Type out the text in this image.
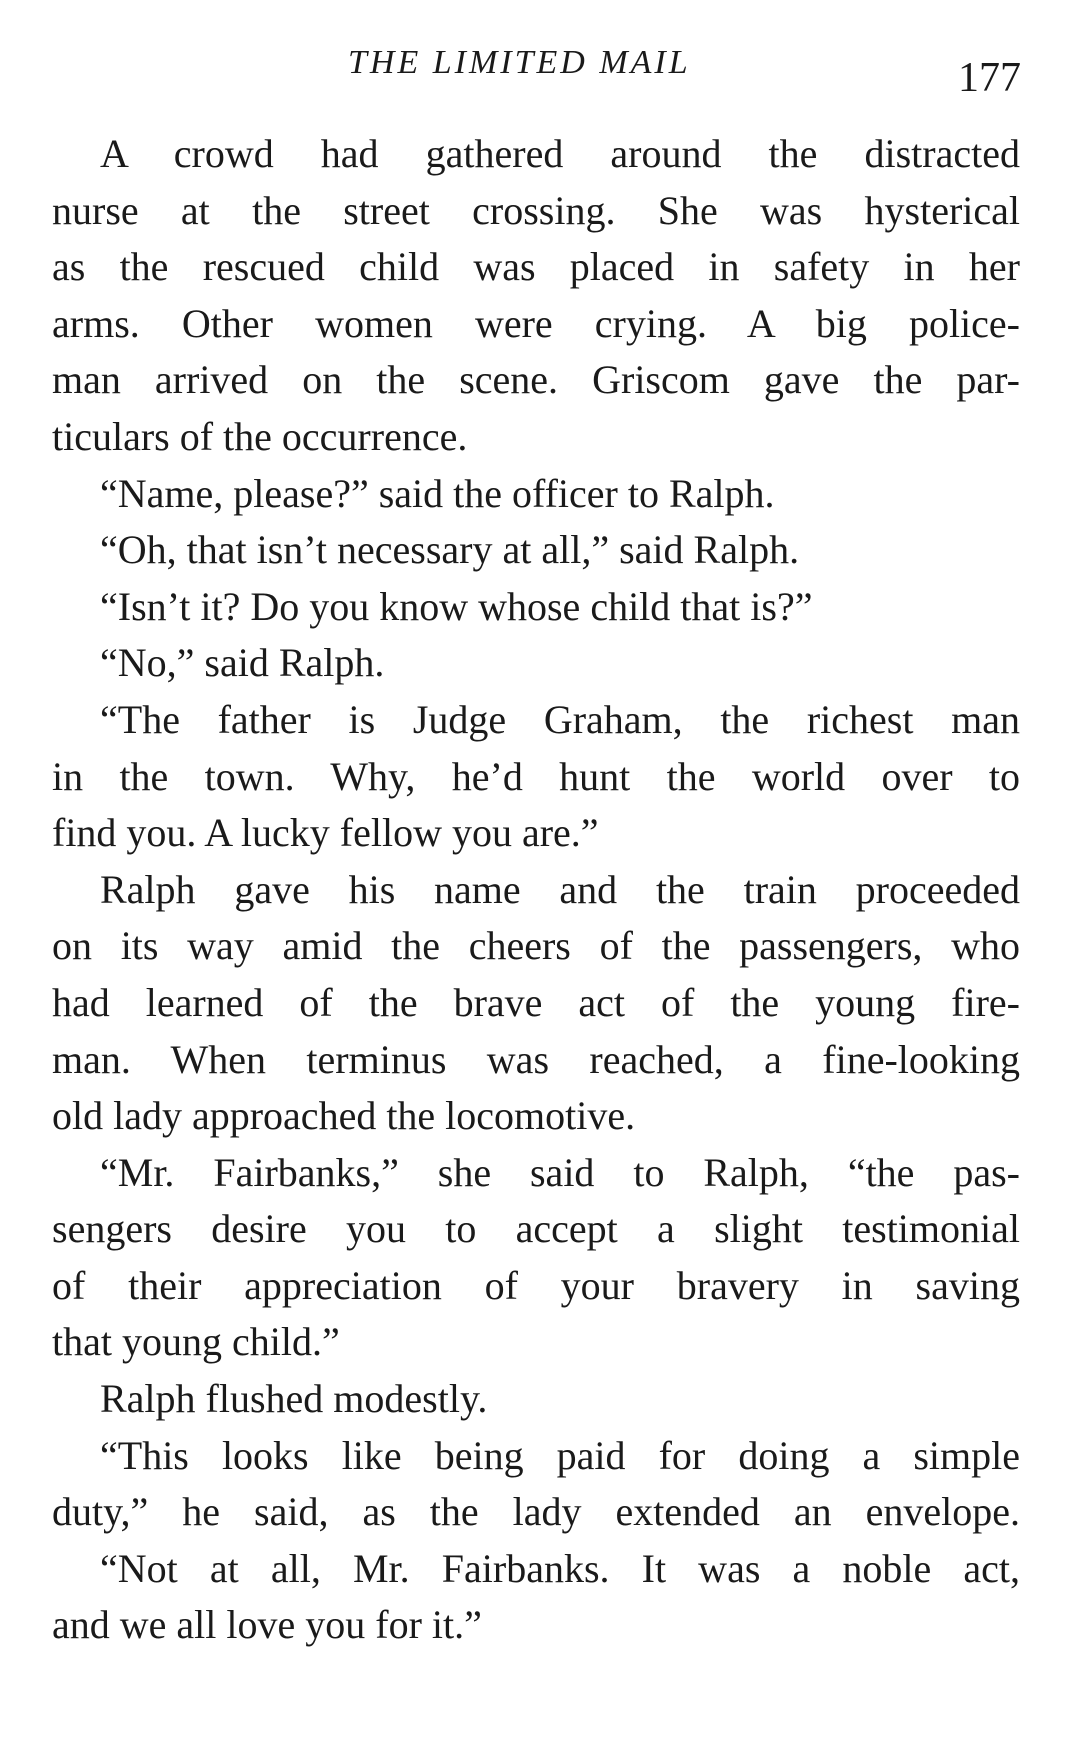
THE LIMITED MAIL	177
A crowd had gathered around the distracted
nurse at the street crossing. She was hysterical
as the rescued child was placed in safety in her
arms. Other women were crying. A big police-
man arrived on the scene. Griscom gave the par-
ticulars of the occurrence.
“Name, please?” said the officer to Ralph.
“Oh, that isn’t necessary at all,” said Ralph.
“Isn’t it? Do you know whose child that is?”
“No,” said Ralph.
“The father is Judge Graham, the richest man
in the town. Why, he’d hunt the world over to
find you. A lucky fellow you are.”
Ralph gave his name and the train proceeded
on its way amid the cheers of the passengers, who
had learned of the brave act of the young fire-
man. When terminus was reached, a fine-looking
old lady approached the locomotive.
“Mr. Fairbanks,” she said to Ralph, “the pas-
sengers desire you to accept a slight testimonial
of their appreciation of your bravery in saving
that young child.”
Ralph flushed modestly.
“This looks like being paid for doing a simple
duty,” he said, as the lady extended an envelope.
“Not at all, Mr. Fairbanks. It was a noble act,
and we all love you for it.”
